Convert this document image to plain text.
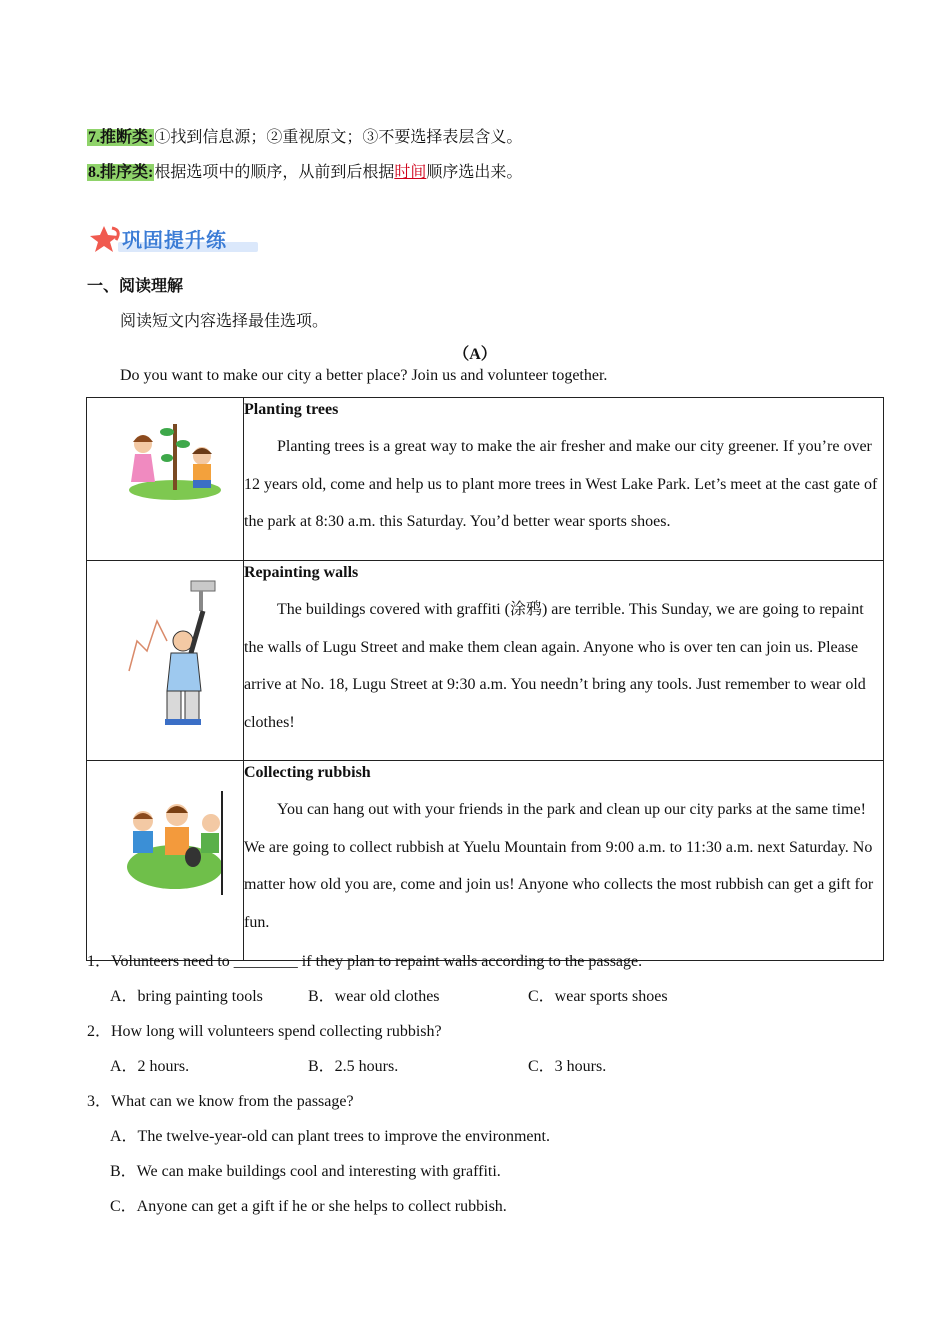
7.推断类:①找到信息源；②重视原文；③不要选择表层含义。
8.排序类:根据选项中的顺序，从前到后根据时间顺序选出来。
巩固提升练
一、阅读理解
阅读短文内容选择最佳选项。
（A）
Do you want to make our city a better place? Join us and volunteer together.

Planting trees
Planting trees is a great way to make the air fresher and make our city greener. If you’re over 12 years old, come and help us to plant more trees in West Lake Park. Let’s meet at the cast gate of the park at 8:30 a.m. this Saturday. You’d better wear sports shoes.

Repainting walls
The buildings covered with graffiti (涂鸦) are terrible. This Sunday, we are going to repaint the walls of Lugu Street and make them clean again. Anyone who is over ten can join us. Please arrive at No. 18, Lugu Street at 9:30 a.m. You needn’t bring any tools. Just remember to wear old clothes!

Collecting rubbish
You can hang out with your friends in the park and clean up our city parks at the same time! We are going to collect rubbish at Yuelu Mountain from 9:00 a.m. to 11:30 a.m. next Saturday. No matter how old you are, come and join us! Anyone who collects the most rubbish can get a gift for fun.
1．Volunteers need to ________ if they plan to repaint walls according to the passage.
A．bring painting tools	B．wear old clothes	C．wear sports shoes
2．How long will volunteers spend collecting rubbish?
A．2 hours.	B．2.5 hours.	C．3 hours.
3．What can we know from the passage?
A．The twelve-year-old can plant trees to improve the environment.
B．We can make buildings cool and interesting with graffiti.
C．Anyone can get a gift if he or she helps to collect rubbish.
